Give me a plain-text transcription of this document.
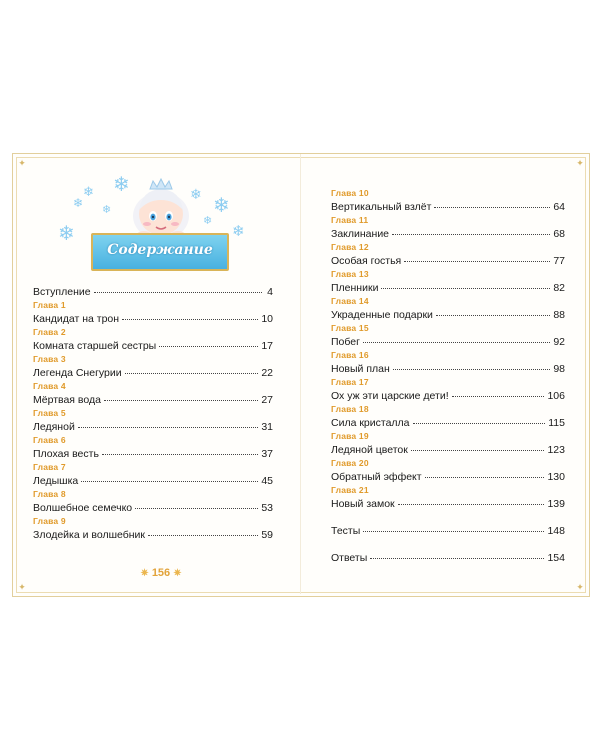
✦	✦
✦	✦
❄
❄
❄ ❄
❄
❄
❄
❄
❄
Содержание
Вступление	4
Глава 1
Кандидат на трон	10
Глава 2
Комната старшей сестры	17
Глава 3
Легенда Снегурии	22
Глава 4
Мёртвая вода	27
Глава 5
Ледяной	31
Глава 6
Плохая весть	37
Глава 7
Ледышка	45
Глава 8
Волшебное семечко	53
Глава 9
Злодейка и волшебник	59
Глава 10
Вертикальный взлёт	64
Глава 11
Заклинание	68
Глава 12
Особая гостья	77
Глава 13
Пленники	82
Глава 14
Украденные подарки	88
Глава 15
Побег	92
Глава 16
Новый план	98
Глава 17
Ох уж эти царские дети!	106
Глава 18
Сила кристалла	115
Глава 19
Ледяной цветок	123
Глава 20
Обратный эффект	130
Глава 21
Новый замок	139
Тесты	148
Ответы	154
✷ 156 ✷
